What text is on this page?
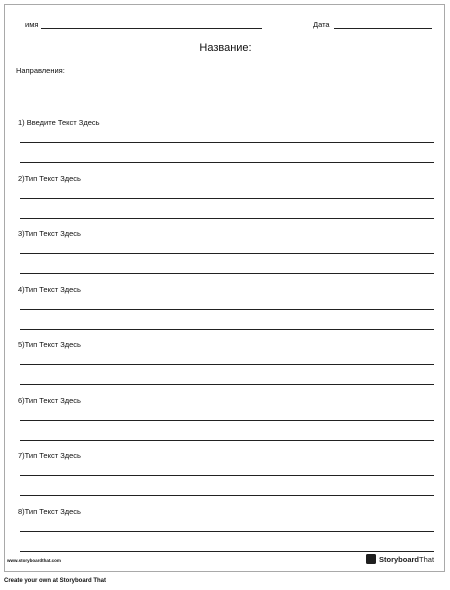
имя	Дата
Название:
Направления:
1) Введите Текст Здесь
2)Тип Текст Здесь
3)Тип Текст Здесь
4)Тип Текст Здесь
5)Тип Текст Здесь
6)Тип Текст Здесь
7)Тип Текст Здесь
8)Тип Текст Здесь
www.storyboardthat.com	StoryboardThat
Create your own at Storyboard That
